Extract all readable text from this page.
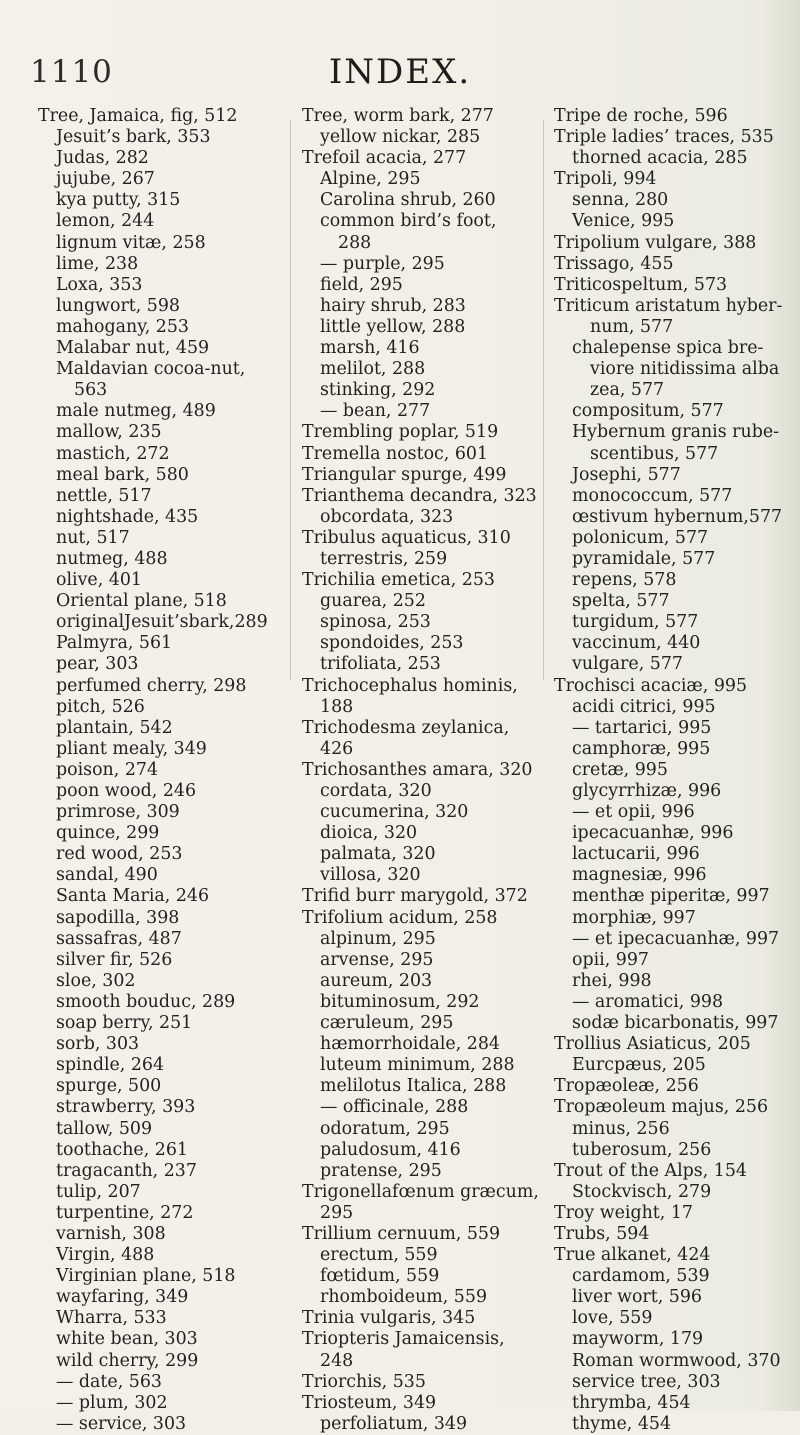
1110	INDEX.
Tree, Jamaica, fig, 512
Jesuit’s bark, 353
Judas, 282
jujube, 267
kya putty, 315
lemon, 244
lignum vitæ, 258
lime, 238
Loxa, 353
lungwort, 598
mahogany, 253
Malabar nut, 459
Maldavian cocoa-nut,
563
male nutmeg, 489
mallow, 235
mastich, 272
meal bark, 580
nettle, 517
nightshade, 435
nut, 517
nutmeg, 488
olive, 401
Oriental plane, 518
originalJesuit’sbark,289
Palmyra, 561
pear, 303
perfumed cherry, 298
pitch, 526
plantain, 542
pliant mealy, 349
poison, 274
poon wood, 246
primrose, 309
quince, 299
red wood, 253
sandal, 490
Santa Maria, 246
sapodilla, 398
sassafras, 487
silver fir, 526
sloe, 302
smooth bouduc, 289
soap berry, 251
sorb, 303
spindle, 264
spurge, 500
strawberry, 393
tallow, 509
toothache, 261
tragacanth, 237
tulip, 207
turpentine, 272
varnish, 308
Virgin, 488
Virginian plane, 518
wayfaring, 349
Wharra, 533
white bean, 303
wild cherry, 299
— date, 563
— plum, 302
— service, 303
Tree, worm bark, 277
yellow nickar, 285
Trefoil acacia, 277
Alpine, 295
Carolina shrub, 260
common bird’s foot,
288
— purple, 295
field, 295
hairy shrub, 283
little yellow, 288
marsh, 416
melilot, 288
stinking, 292
— bean, 277
Trembling poplar, 519
Tremella nostoc, 601
Triangular spurge, 499
Trianthema decandra, 323
obcordata, 323
Tribulus aquaticus, 310
terrestris, 259
Trichilia emetica, 253
guarea, 252
spinosa, 253
spondoides, 253
trifoliata, 253
Trichocephalus hominis,
188
Trichodesma zeylanica,
426
Trichosanthes amara, 320
cordata, 320
cucumerina, 320
dioica, 320
palmata, 320
villosa, 320
Trifid burr marygold, 372
Trifolium acidum, 258
alpinum, 295
arvense, 295
aureum, 203
bituminosum, 292
cæruleum, 295
hæmorrhoidale, 284
luteum minimum, 288
melilotus Italica, 288
— officinale, 288
odoratum, 295
paludosum, 416
pratense, 295
Trigonellafœnum græcum,
295
Trillium cernuum, 559
erectum, 559
fœtidum, 559
rhomboideum, 559
Trinia vulgaris, 345
Triopteris Jamaicensis,
248
Triorchis, 535
Triosteum, 349
perfoliatum, 349
Tripe de roche, 596
Triple ladies’ traces, 535
thorned acacia, 285
Tripoli, 994
senna, 280
Venice, 995
Tripolium vulgare, 388
Trissago, 455
Triticospeltum, 573
Triticum aristatum hyber-
num, 577
chalepense spica bre-
viore nitidissima alba
zea, 577
compositum, 577
Hybernum granis rube-
scentibus, 577
Josephi, 577
monococcum, 577
œstivum hybernum,577
polonicum, 577
pyramidale, 577
repens, 578
spelta, 577
turgidum, 577
vaccinum, 440
vulgare, 577
Trochisci acaciæ, 995
acidi citrici, 995
— tartarici, 995
camphoræ, 995
cretæ, 995
glycyrrhizæ, 996
— et opii, 996
ipecacuanhæ, 996
lactucarii, 996
magnesiæ, 996
menthæ piperitæ, 997
morphiæ, 997
— et ipecacuanhæ, 997
opii, 997
rhei, 998
— aromatici, 998
sodæ bicarbonatis, 997
Trollius Asiaticus, 205
Eurcpæus, 205
Tropæoleæ, 256
Tropæoleum majus, 256
minus, 256
tuberosum, 256
Trout of the Alps, 154
Stockvisch, 279
Troy weight, 17
Trubs, 594
True alkanet, 424
cardamom, 539
liver wort, 596
love, 559
mayworm, 179
Roman wormwood, 370
service tree, 303
thrymba, 454
thyme, 454
